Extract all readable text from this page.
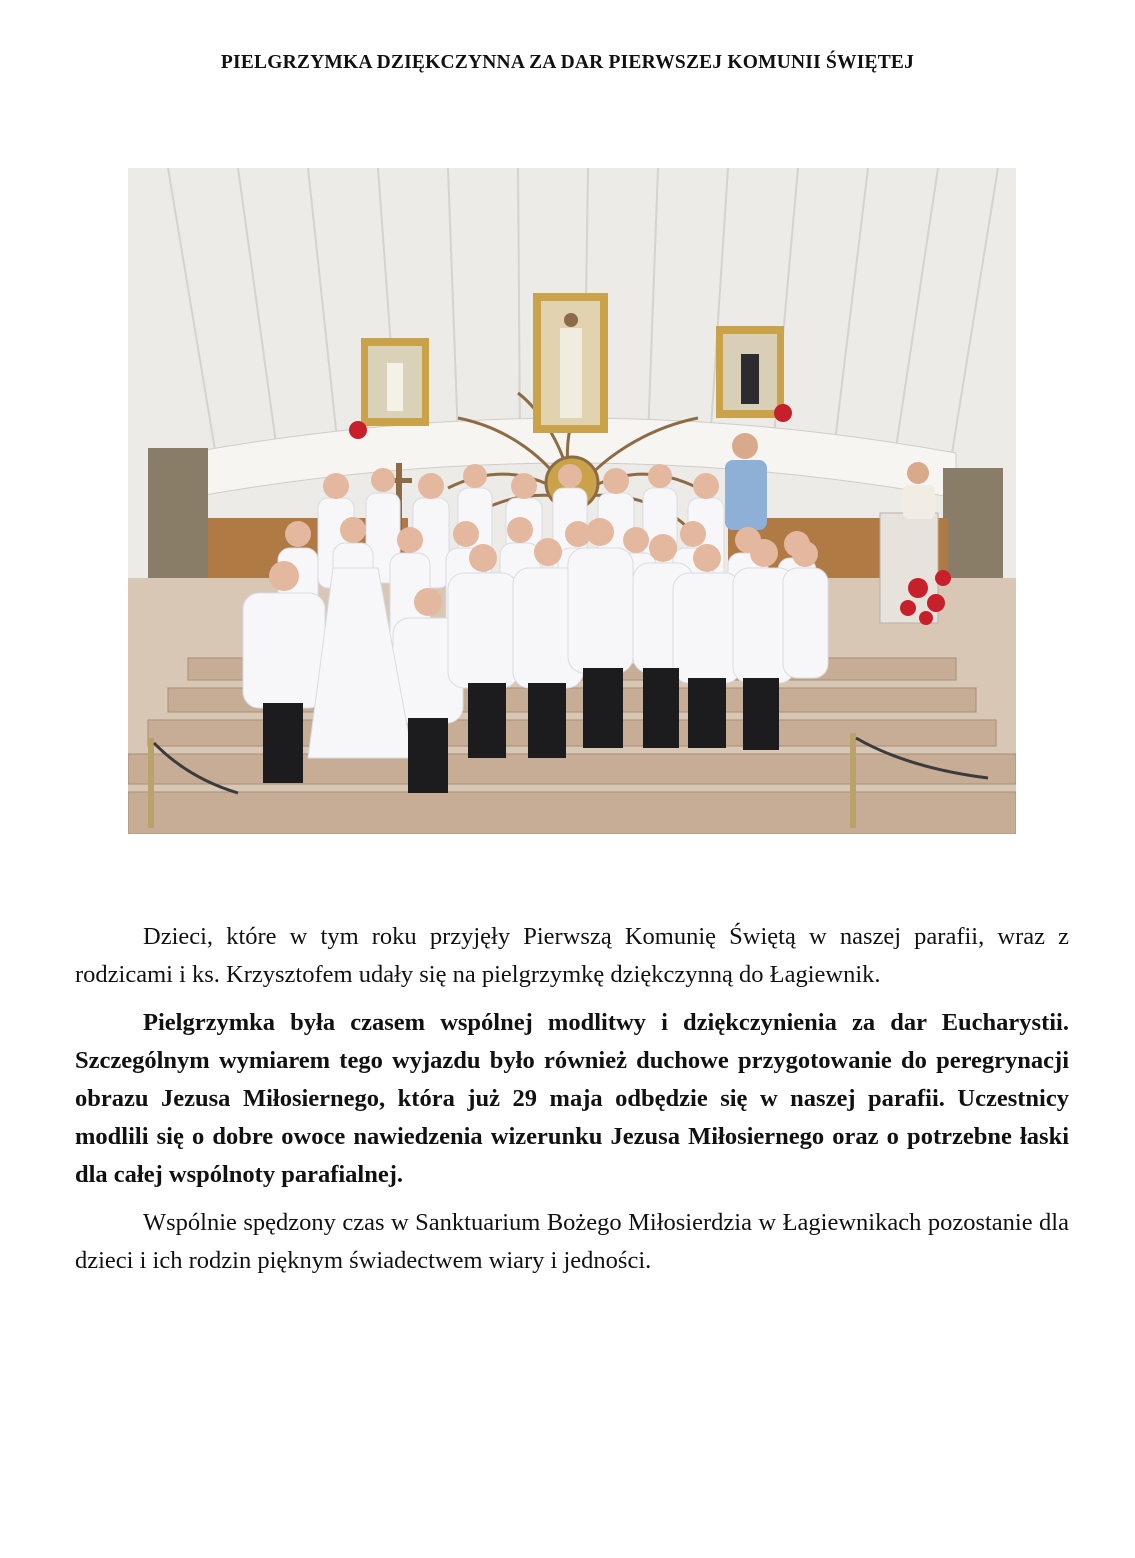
PIELGRZYMKA DZIĘKCZYNNA ZA DAR PIERWSZEJ KOMUNII ŚWIĘTEJ

Dzieci, które w tym roku przyjęły Pierwszą Komunię Świętą w naszej parafii, wraz z rodzicami i ks. Krzysztofem udały się na pielgrzymkę dziękczynną do Łagiewnik.

Pielgrzymka była czasem wspólnej modlitwy i dziękczynienia za dar Eucharystii. Szczególnym wymiarem tego wyjazdu było również duchowe przygotowanie do peregrynacji obrazu Jezusa Miłosiernego, która już 29 maja odbędzie się w naszej parafii. Uczestnicy modlili się o dobre owoce nawiedzenia wizerunku Jezusa Miłosiernego oraz o potrzebne łaski dla całej wspólnoty parafialnej.

Wspólnie spędzony czas w Sanktuarium Bożego Miłosierdzia w Łagiewnikach pozostanie dla dzieci i ich rodzin pięknym świadectwem wiary i jedności.
